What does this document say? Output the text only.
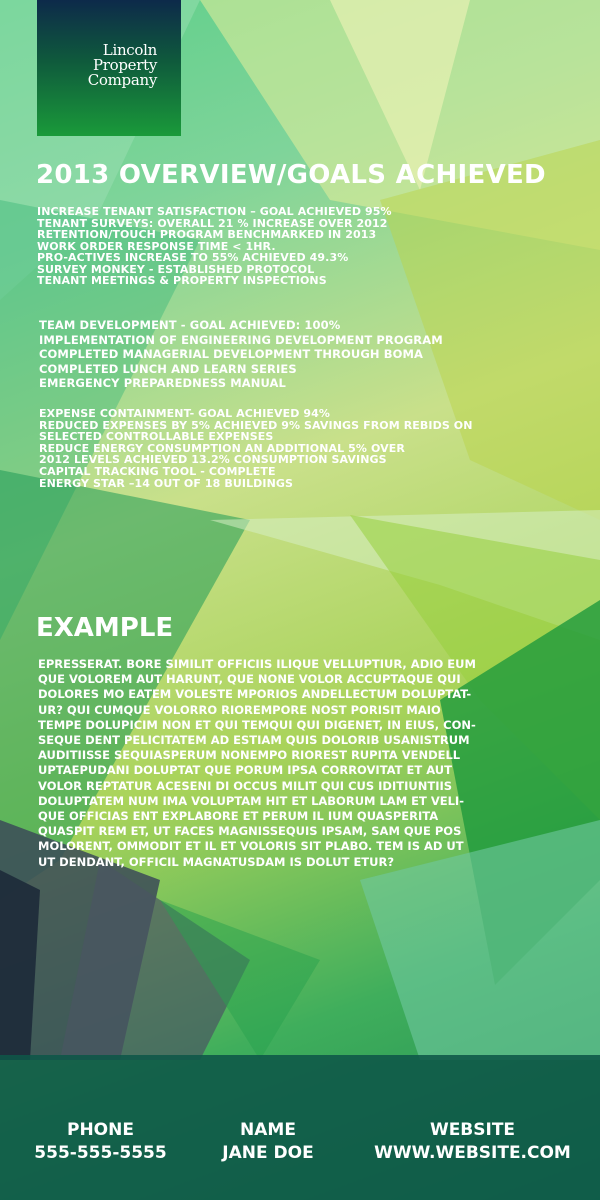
Lincoln
Property
Company
2013 OVERVIEW/GOALS ACHIEVED
INCREASE TENANT SATISFACTION – GOAL ACHIEVED 95%
TENANT SURVEYS: OVERALL 21 % INCREASE OVER 2012
RETENTION/TOUCH PROGRAM BENCHMARKED IN 2013
WORK ORDER RESPONSE TIME < 1HR.
PRO-ACTIVES INCREASE TO 55% ACHIEVED 49.3%
SURVEY MONKEY - ESTABLISHED PROTOCOL
TENANT MEETINGS & PROPERTY INSPECTIONS
TEAM DEVELOPMENT - GOAL ACHIEVED: 100%
IMPLEMENTATION OF ENGINEERING DEVELOPMENT PROGRAM
COMPLETED MANAGERIAL DEVELOPMENT THROUGH BOMA
COMPLETED LUNCH AND LEARN SERIES
EMERGENCY PREPAREDNESS MANUAL
EXPENSE CONTAINMENT- GOAL ACHIEVED 94%
REDUCED EXPENSES BY 5% ACHIEVED 9% SAVINGS FROM REBIDS ON
SELECTED CONTROLLABLE EXPENSES
REDUCE ENERGY CONSUMPTION AN ADDITIONAL 5% OVER
2012 LEVELS ACHIEVED 13.2% CONSUMPTION SAVINGS
CAPITAL TRACKING TOOL - COMPLETE
ENERGY STAR –14 OUT OF 18 BUILDINGS
EXAMPLE
EPRESSERAT. BORE SIMILIT OFFICIIS ILIQUE VELLUPTIUR, ADIO EUM
QUE VOLOREM AUT HARUNT, QUE NONE VOLOR ACCUPTAQUE QUI
DOLORES MO EATEM VOLESTE MPORIOS ANDELLECTUM DOLUPTAT-
UR? QUI CUMQUE VOLORRO RIOREMPORE NOST PORISIT MAIO
TEMPE DOLUPICIM NON ET QUI TEMQUI QUI DIGENET, IN EIUS, CON-
SEQUE DENT PELICITATEM AD ESTIAM QUIS DOLORIB USANISTRUM
AUDITIISSE SEQUIASPERUM NONEMPO RIOREST RUPITA VENDELL
UPTAEPUDANI DOLUPTAT QUE PORUM IPSA CORROVITAT ET AUT
VOLOR REPTATUR ACESENI DI OCCUS MILIT QUI CUS IDITIUNTIIS
DOLUPTATEM NUM IMA VOLUPTAM HIT ET LABORUM LAM ET VELI-
QUE OFFICIAS ENT EXPLABORE ET PERUM IL IUM QUASPERITA
QUASPIT REM ET, UT FACES MAGNISSEQUIS IPSAM, SAM QUE POS
MOLORENT, OMMODIT ET IL ET VOLORIS SIT PLABO. TEM IS AD UT
UT DENDANT, OFFICIL MAGNATUSDAM IS DOLUT ETUR?
PHONE
555-555-5555
NAME
JANE DOE
WEBSITE
WWW.WEBSITE.COM
